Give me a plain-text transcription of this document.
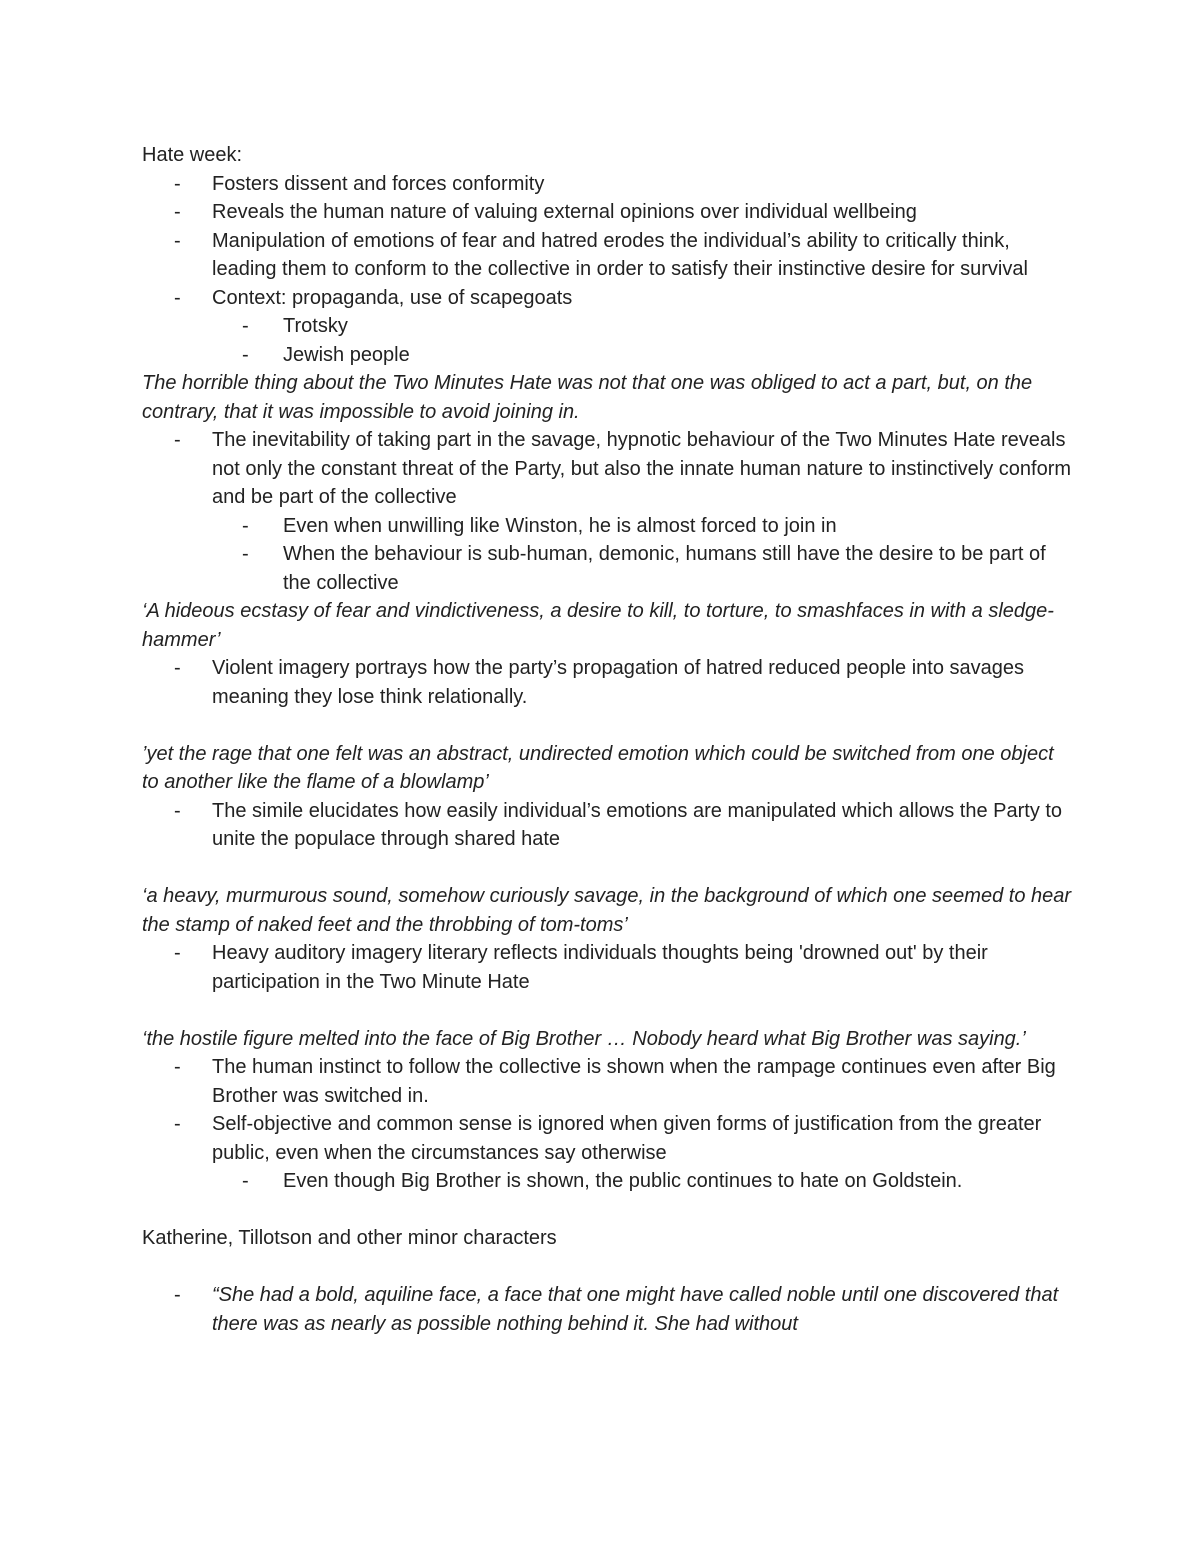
Hate week:

- Fosters dissent and forces conformity
- Reveals the human nature of valuing external opinions over individual wellbeing
- Manipulation of emotions of fear and hatred erodes the individual’s ability to critically think, leading them to conform to the collective in order to satisfy their instinctive desire for survival
- Context: propaganda, use of scapegoats
- Trotsky
- Jewish people

The horrible thing about the Two Minutes Hate was not that one was obliged to act a part, but, on the contrary, that it was impossible to avoid joining in.

- The inevitability of taking part in the savage, hypnotic behaviour of the Two Minutes Hate reveals not only the constant threat of the Party, but also the innate human nature to instinctively conform and be part of the collective
- Even when unwilling like Winston, he is almost forced to join in
- When the behaviour is sub-human, demonic, humans still have the desire to be part of the collective

‘A hideous ecstasy of fear and vindictiveness, a desire to kill, to torture, to smashfaces in with a sledge-hammer’

- Violent imagery portrays how the party’s propagation of hatred reduced people into savages meaning they lose think relationally.

’yet the rage that one felt was an abstract, undirected emotion which could be switched from one object to another like the flame of a blowlamp’

- The simile elucidates how easily individual’s emotions are manipulated which allows the Party to unite the populace through shared hate

‘a heavy, murmurous sound, somehow curiously savage, in the background of which one seemed to hear the stamp of naked feet and the throbbing of tom-toms’

- Heavy auditory imagery literary reflects individuals thoughts being 'drowned out' by their participation in the Two Minute Hate

‘the hostile figure melted into the face of Big Brother … Nobody heard what Big Brother was saying.’

- The human instinct to follow the collective is shown when the rampage continues even after Big Brother was switched in.
- Self-objective and common sense is ignored when given forms of justification from the greater public, even when the circumstances say otherwise
- Even though Big Brother is shown, the public continues to hate on Goldstein.

Katherine, Tillotson and other minor characters

- “She had a bold, aquiline face, a face that one might have called noble until one discovered that there was as nearly as possible nothing behind it. She had without
